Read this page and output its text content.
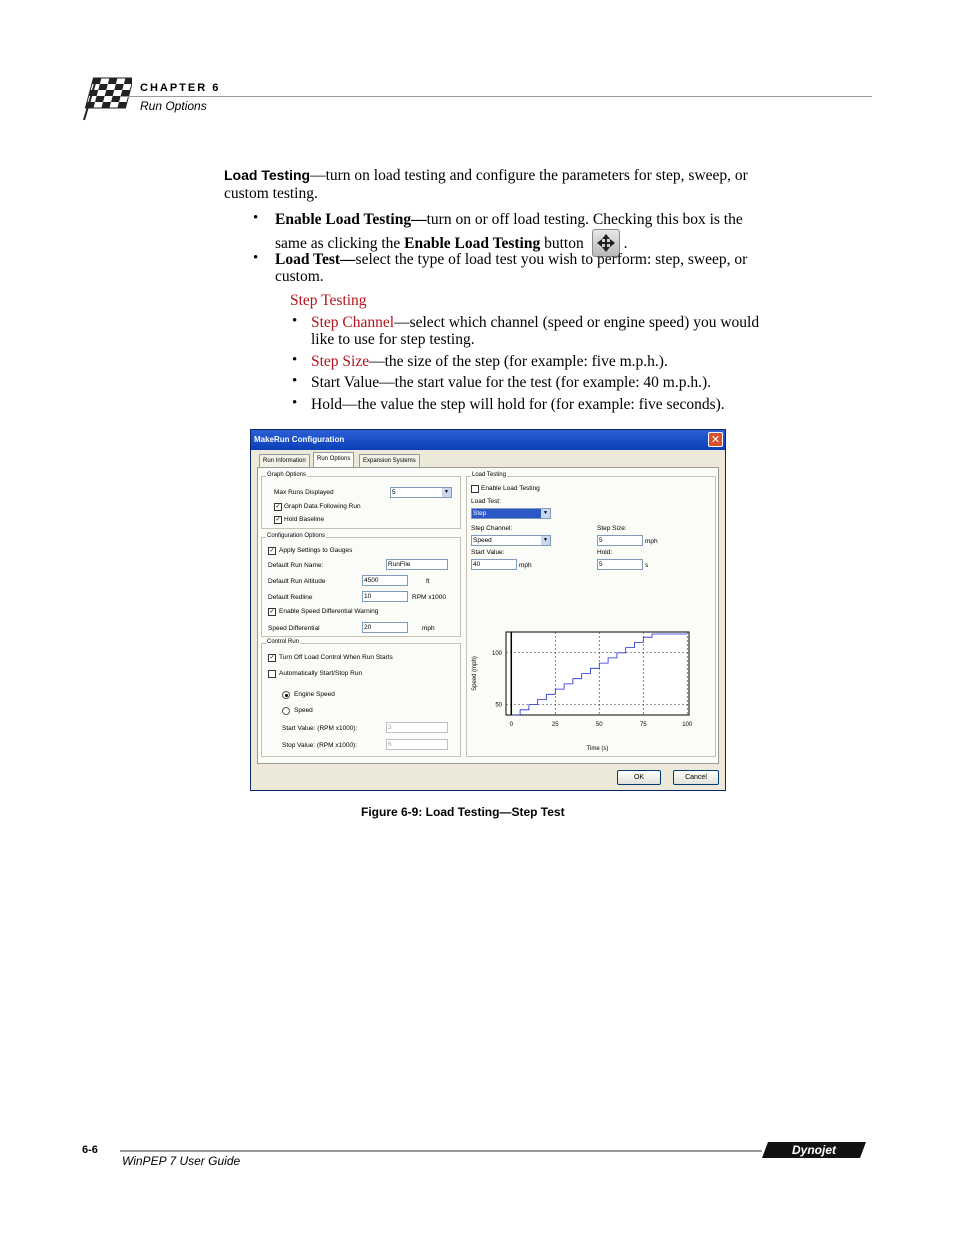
CHAPTER 6
Run Options
Load Testing—turn on load testing and configure the parameters for step, sweep, or
custom testing.
• Enable Load Testing—turn on or off load testing. Checking this box is the
same as clicking the Enable Load Testing button	.
• Load Test—select the type of load test you wish to perform: step, sweep, or
custom.
Step Testing
• Step Channel—select which channel (speed or engine speed) you would
like to use for step testing.
• Step Size—the size of the step (for example: five m.p.h.).
• Start Value—the start value for the test (for example: 40 m.p.h.).
• Hold—the value the step will hold for (for example: five seconds).
MakeRun Configuration	✕
Run Information	Run Options	Expansion Systems
Graph Options
Max Runs Displayed	5	▼
✓ Graph Data Following Run
✓ Hold Baseline
Configuration Options
✓ Apply Settings to Gauges
Default Run Name:	RunFile
Default Run Altitude	4500	ft
Default Redline	10	RPM x1000
✓ Enable Speed Differential Warning
Speed Differential	20	mph
Control Run
✓ Turn Off Load Control When Run Starts
Automatically Start/Stop Run
Engine Speed
Speed
Start Value: (RPM x1000):	3
Stop Value: (RPM x1000):	6
Load Testing
Enable Load Testing
Load Test:
Step	▼
Step Channel:
Speed	▼
Step Size:
5	mph
Start Value:
40	mph
Hold:
5	s
0	25	50	75	100
50
100
Time (s)
Speed (mph)
OK	Cancel
Figure 6-9: Load Testing—Step Test
6-6
WinPEP 7 User Guide
Dynojet
